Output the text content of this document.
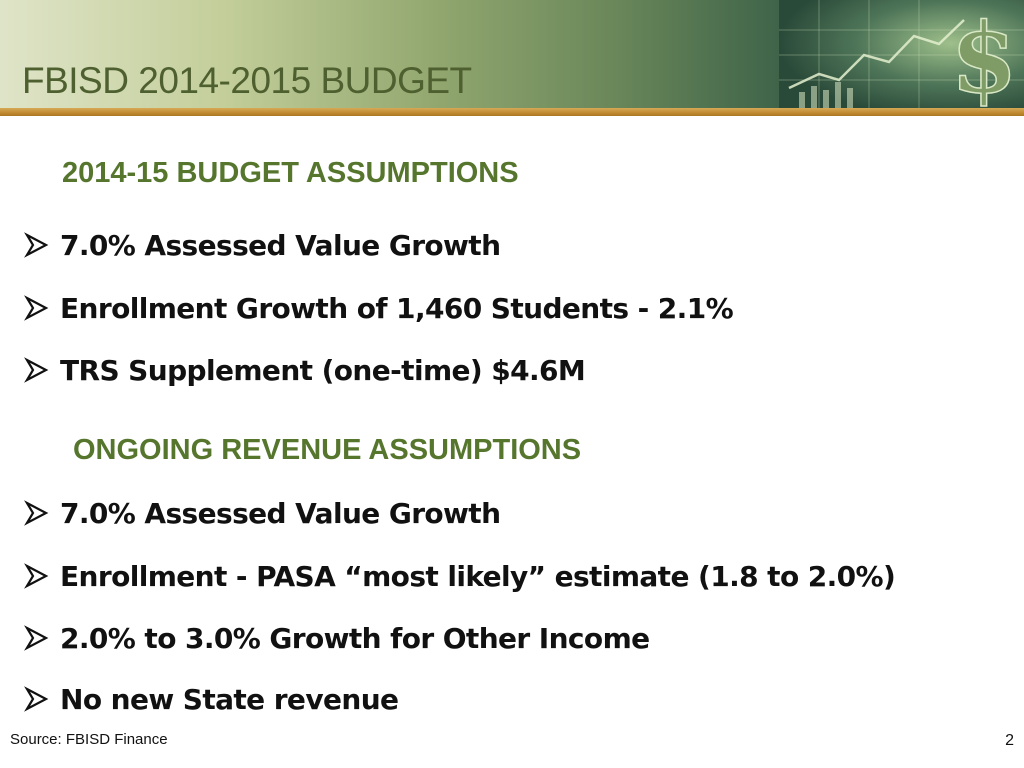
$
FBISD 2014-2015 BUDGET
2014-15 BUDGET ASSUMPTIONS
7.0% Assessed Value Growth
Enrollment Growth of 1,460 Students - 2.1%
TRS Supplement (one-time) $4.6M
ONGOING REVENUE ASSUMPTIONS
7.0% Assessed Value Growth
Enrollment - PASA “most likely” estimate (1.8 to 2.0%)
2.0% to 3.0% Growth for Other Income
No new State revenue
Source: FBISD Finance	2
